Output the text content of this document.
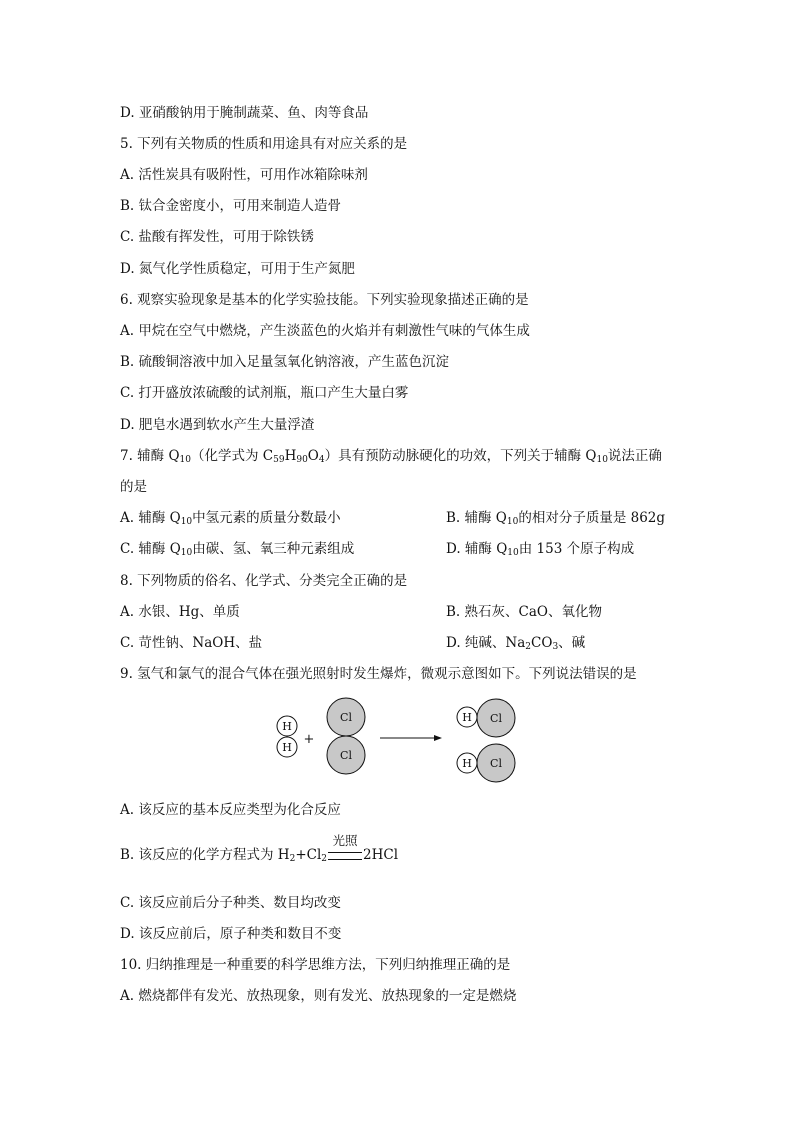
D. 亚硝酸钠用于腌制蔬菜、鱼、肉等食品
5. 下列有关物质的性质和用途具有对应关系的是
A. 活性炭具有吸附性，可用作冰箱除味剂
B. 钛合金密度小，可用来制造人造骨
C. 盐酸有挥发性，可用于除铁锈
D. 氮气化学性质稳定，可用于生产氮肥
6. 观察实验现象是基本的化学实验技能。下列实验现象描述正确的是
A. 甲烷在空气中燃烧，产生淡蓝色的火焰并有刺激性气味的气体生成
B. 硫酸铜溶液中加入足量氢氧化钠溶液，产生蓝色沉淀
C. 打开盛放浓硫酸的试剂瓶，瓶口产生大量白雾
D. 肥皂水遇到软水产生大量浮渣
7. 辅酶 $Q_{10}$（化学式为 $C_{59}H_{90}O_4$）具有预防动脉硬化的功效，下列关于辅酶 $Q_{10}$说法正确
的是
A. 辅酶 $Q_{10}$中氢元素的质量分数最小	B. 辅酶 $Q_{10}$的相对分子质量是 862g
C. 辅酶 $Q_{10}$由碳、氢、氧三种元素组成	D. 辅酶 $Q_{10}$由 153 个原子构成
8. 下列物质的俗名、化学式、分类完全正确的是
A. 水银、Hg、单质	B. 熟石灰、CaO、氧化物
C. 苛性钠、NaOH、盐	D. 纯碱、$Na_2CO_3$、碱
9. 氢气和氯气的混合气体在强光照射时发生爆炸，微观示意图如下。下列说法错误的是
H
H
+
Cl
Cl
H Cl
H Cl
A. 该反应的基本反应类型为化合反应
B. 该反应的化学方程式为 $H_2+Cl_2$
光照
2HCl
C. 该反应前后分子种类、数目均改变
D. 该反应前后，原子种类和数目不变
10. 归纳推理是一种重要的科学思维方法，下列归纳推理正确的是
A. 燃烧都伴有发光、放热现象，则有发光、放热现象的一定是燃烧
